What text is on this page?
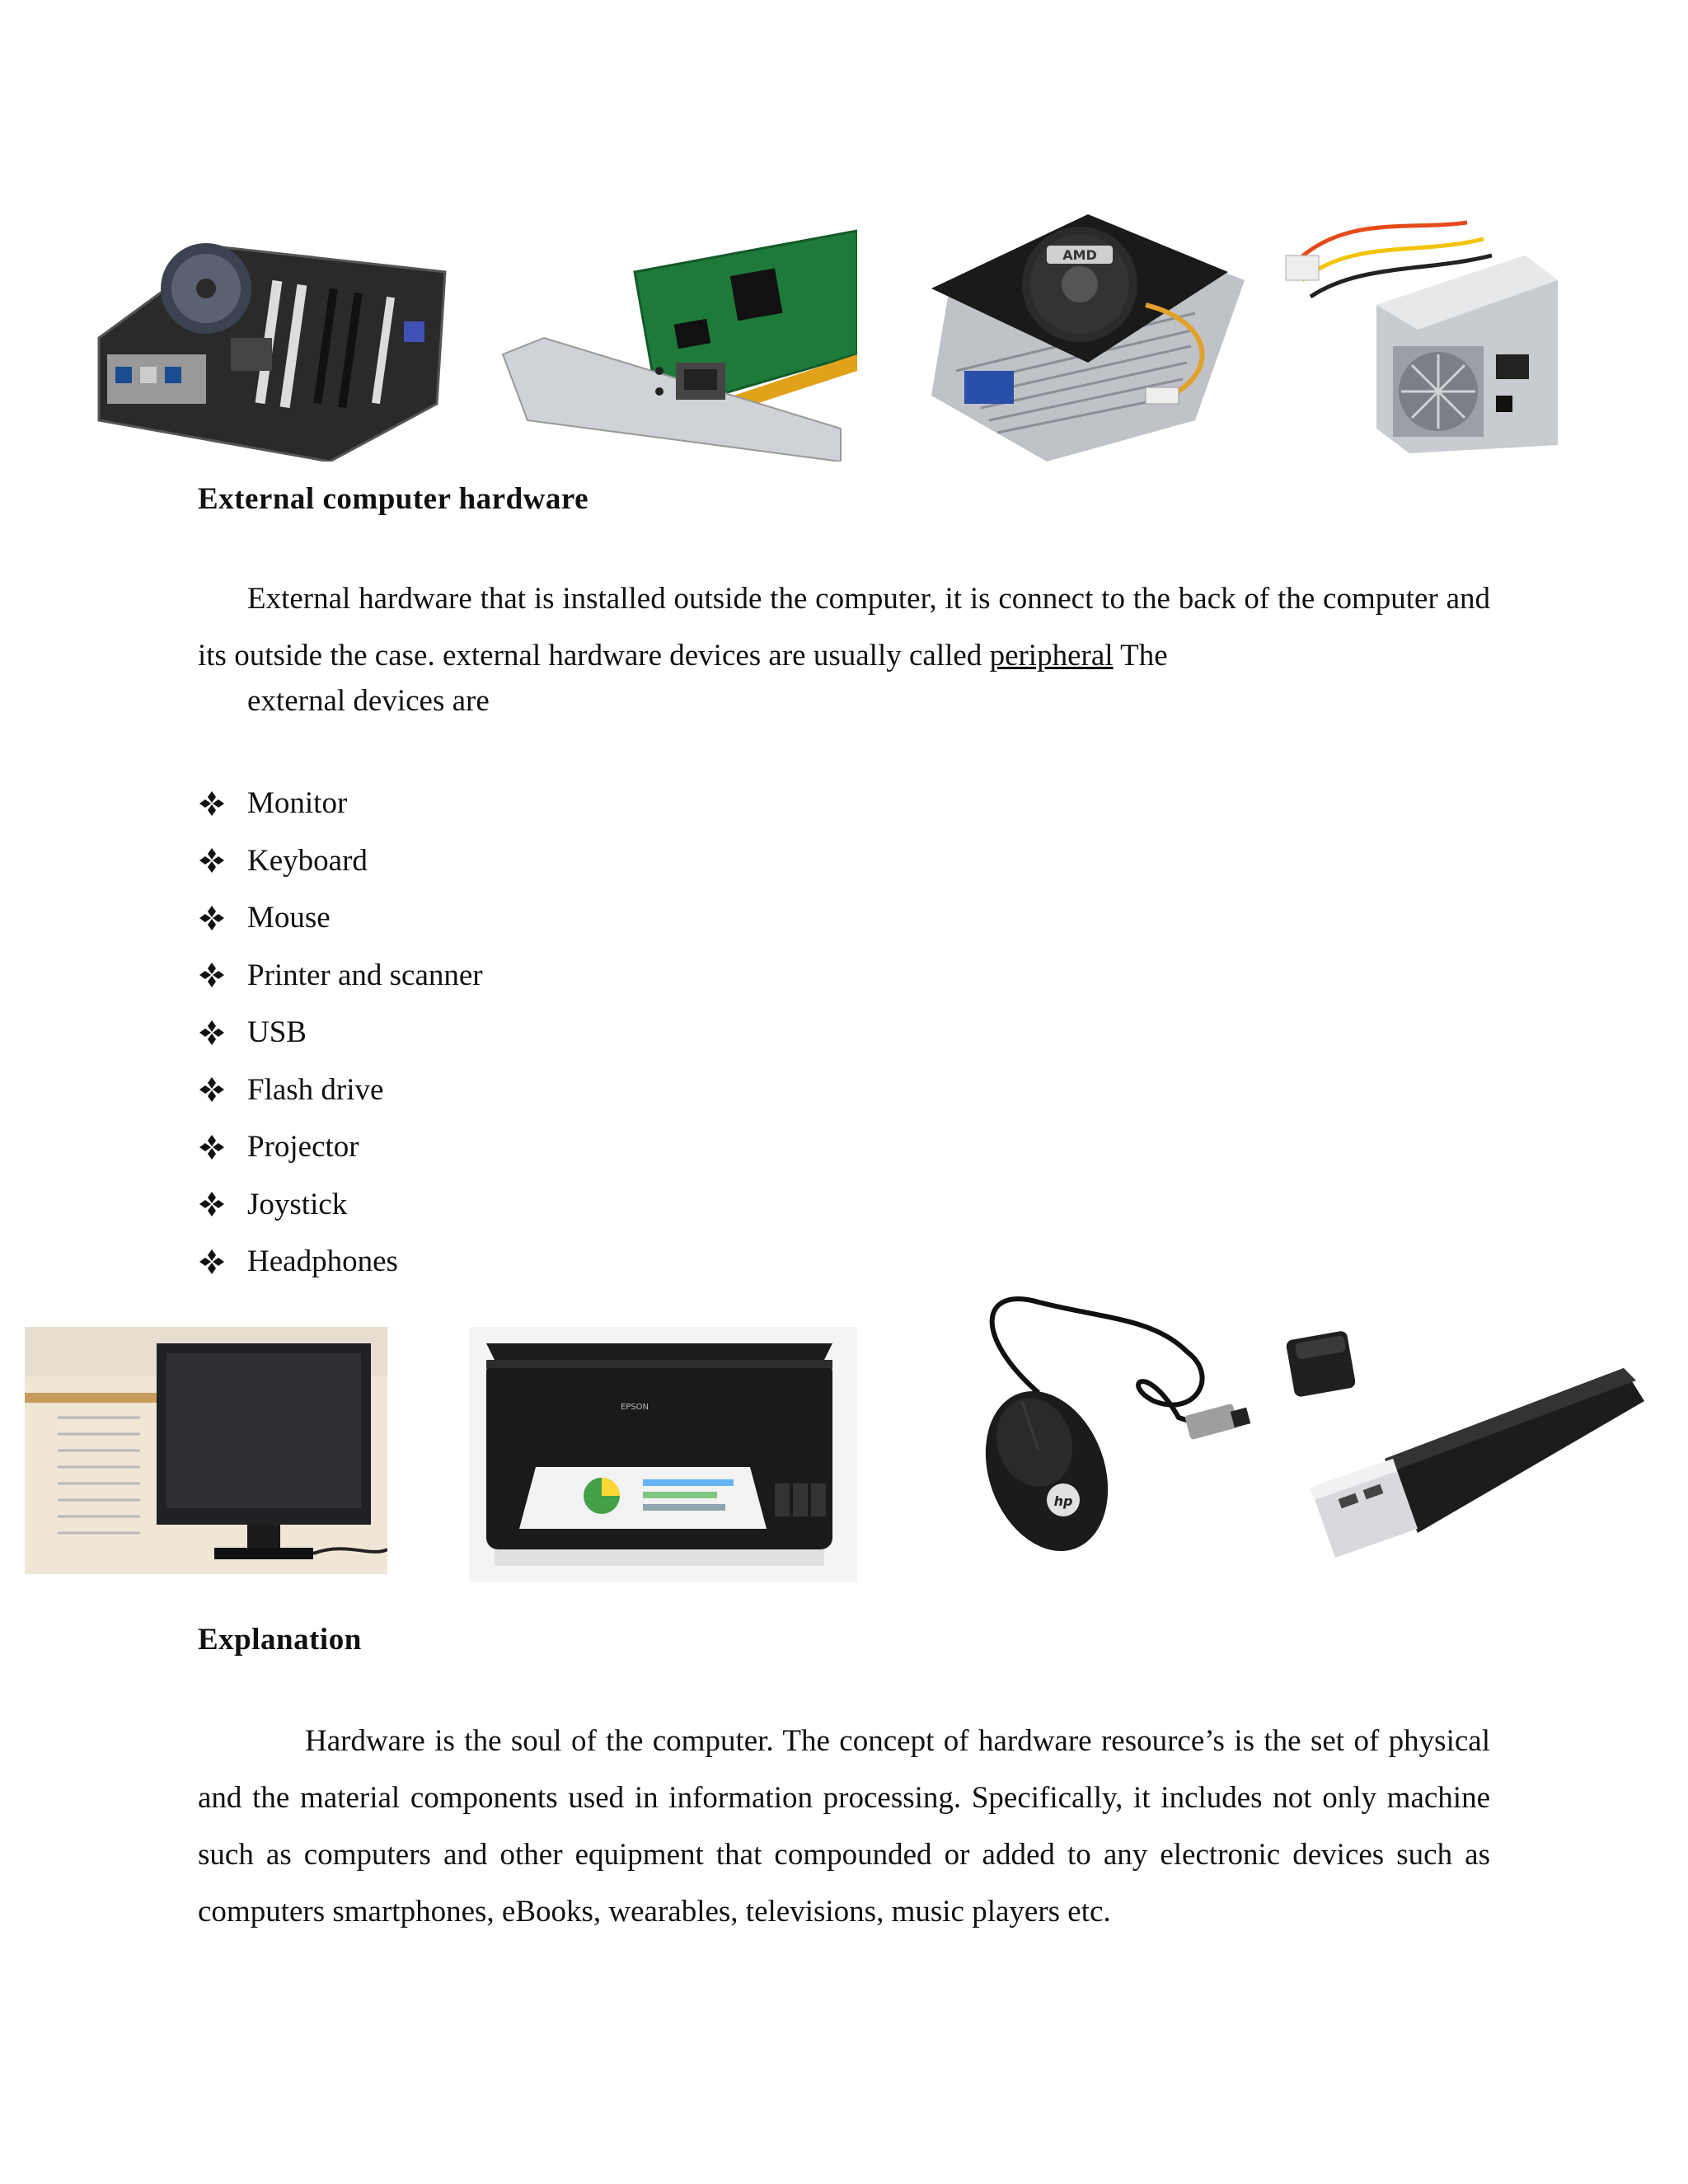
AMD
External computer hardware
External hardware that is installed outside the computer, it is connect to the back of the computer and its outside the case. external hardware devices are usually called peripheral The
external devices are
Monitor
Keyboard
Mouse
Printer and scanner
USB
Flash drive
Projector
Joystick
Headphones
EPSON
hp
Explanation
Hardware is the soul of the computer. The concept of hardware resource’s is the set of physical and the material components used in information processing. Specifically, it includes not only machine such as computers and other equipment that compounded or added to any electronic devices such as computers smartphones, eBooks, wearables, televisions, music players etc.
